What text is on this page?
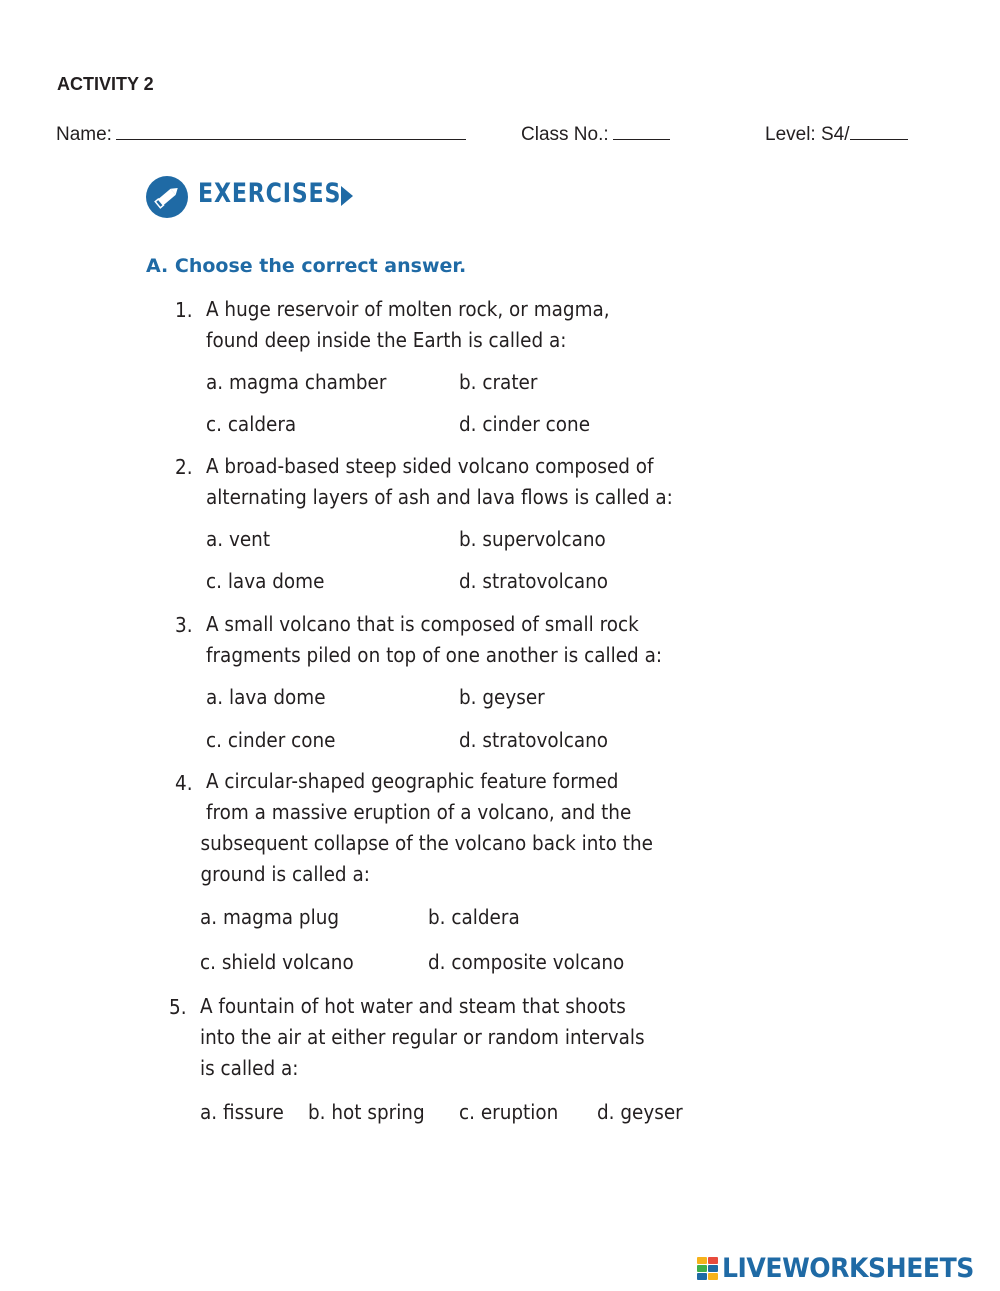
ACTIVITY 2
Name:	Class No.:	Level: S4/
EXERCISES
A. Choose the correct answer.
1. A huge reservoir of molten rock, or magma,
found deep inside the Earth is called a:
a. magma chamber	b. crater
c. caldera	d. cinder cone
2. A broad-based steep sided volcano composed of
alternating layers of ash and lava flows is called a:
a. vent	b. supervolcano
c. lava dome	d. stratovolcano
3. A small volcano that is composed of small rock
fragments piled on top of one another is called a:
a. lava dome	b. geyser
c. cinder cone	d. stratovolcano
4. A circular-shaped geographic feature formed
from a massive eruption of a volcano, and the
subsequent collapse of the volcano back into the
ground is called a:
a. magma plug	b. caldera
c. shield volcano	d. composite volcano
5. A fountain of hot water and steam that shoots
into the air at either regular or random intervals
is called a:
a. fissure b. hot spring c. eruption d. geyser
LIVEWORKSHEETS
